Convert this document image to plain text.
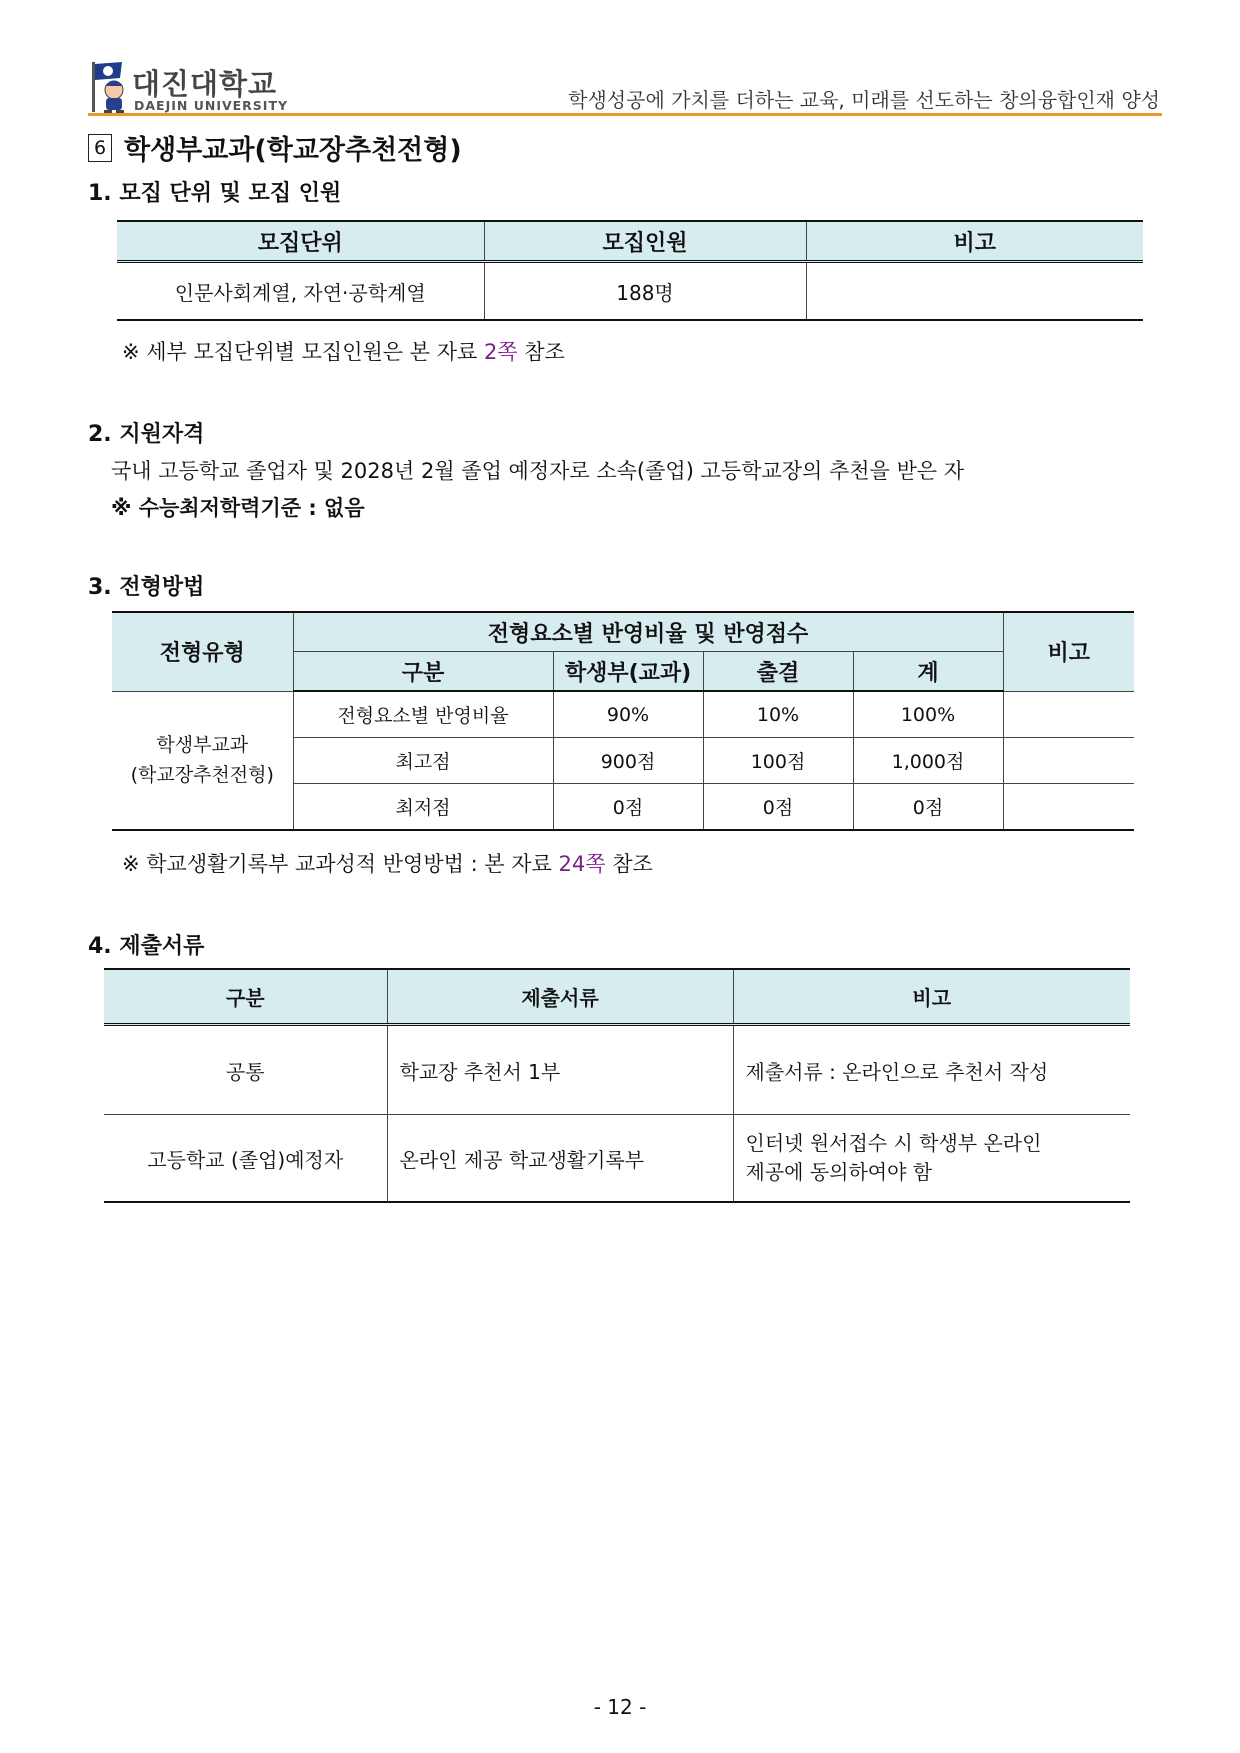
대진대학교
DAEJIN UNIVERSITY	학생성공에 가치를 더하는 교육, 미래를 선도하는 창의융합인재 양성
6 학생부교과(학교장추천전형)
1. 모집 단위 및 모집 인원
모집단위	모집인원	비고
인문사회계열, 자연·공학계열	188명	
※ 세부 모집단위별 모집인원은 본 자료 2쪽 참조
2. 지원자격
국내 고등학교 졸업자 및 2028년 2월 졸업 예정자로 소속(졸업) 고등학교장의 추천을 받은 자
※ 수능최저학력기준 : 없음
3. 전형방법
전형유형	전형요소별 반영비율 및 반영점수				비고
	구분	학생부(교과)	출결	계	
학생부교과
(학교장추천전형)	전형요소별 반영비율	90%	10%	100%	
	최고점	900점	100점	1,000점	
	최저점	0점	0점	0점	
※ 학교생활기록부 교과성적 반영방법 : 본 자료 24쪽 참조
4. 제출서류
구분	제출서류	비고
공통	학교장 추천서 1부	제출서류 : 온라인으로 추천서 작성
고등학교 (졸업)예정자	온라인 제공 학교생활기록부	인터넷 원서접수 시 학생부 온라인
제공에 동의하여야 함
- 12 -
